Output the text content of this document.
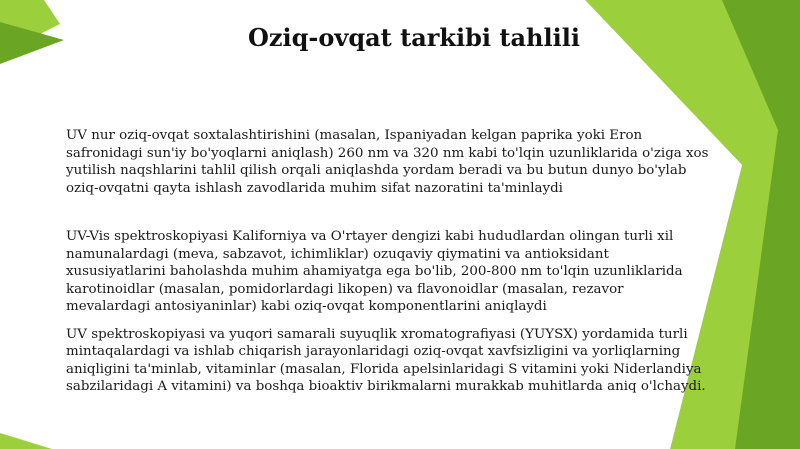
Oziq-ovqat tarkibi tahlili

UV nur oziq-ovqat soxtalashtirishini (masalan, Ispaniyadan kelgan paprika yoki Eron
safronidagi sun'iy bo'yoqlarni aniqlash) 260 nm va 320 nm kabi to'lqin uzunliklarida o'ziga xos
yutilish naqshlarini tahlil qilish orqali aniqlashda yordam beradi va bu butun dunyo bo'ylab
oziq-ovqatni qayta ishlash zavodlarida muhim sifat nazoratini ta'minlaydi

UV-Vis spektroskopiyasi Kaliforniya va O'rtayer dengizi kabi hududlardan olingan turli xil
namunalardagi (meva, sabzavot, ichimliklar) ozuqaviy qiymatini va antioksidant
xususiyatlarini baholashda muhim ahamiyatga ega bo'lib, 200-800 nm to'lqin uzunliklarida
karotinoidlar (masalan, pomidorlardagi likopen) va flavonoidlar (masalan, rezavor
mevalardagi antosiyaninlar) kabi oziq-ovqat komponentlarini aniqlaydi

UV spektroskopiyasi va yuqori samarali suyuqlik xromatografiyasi (YUYSX) yordamida turli
mintaqalardagi va ishlab chiqarish jarayonlaridagi oziq-ovqat xavfsizligini va yorliqlarning
aniqligini ta'minlab, vitaminlar (masalan, Florida apelsinlaridagi S vitamini yoki Niderlandiya
sabzilaridagi A vitamini) va boshqa bioaktiv birikmalarni murakkab muhitlarda aniq o'lchaydi.
